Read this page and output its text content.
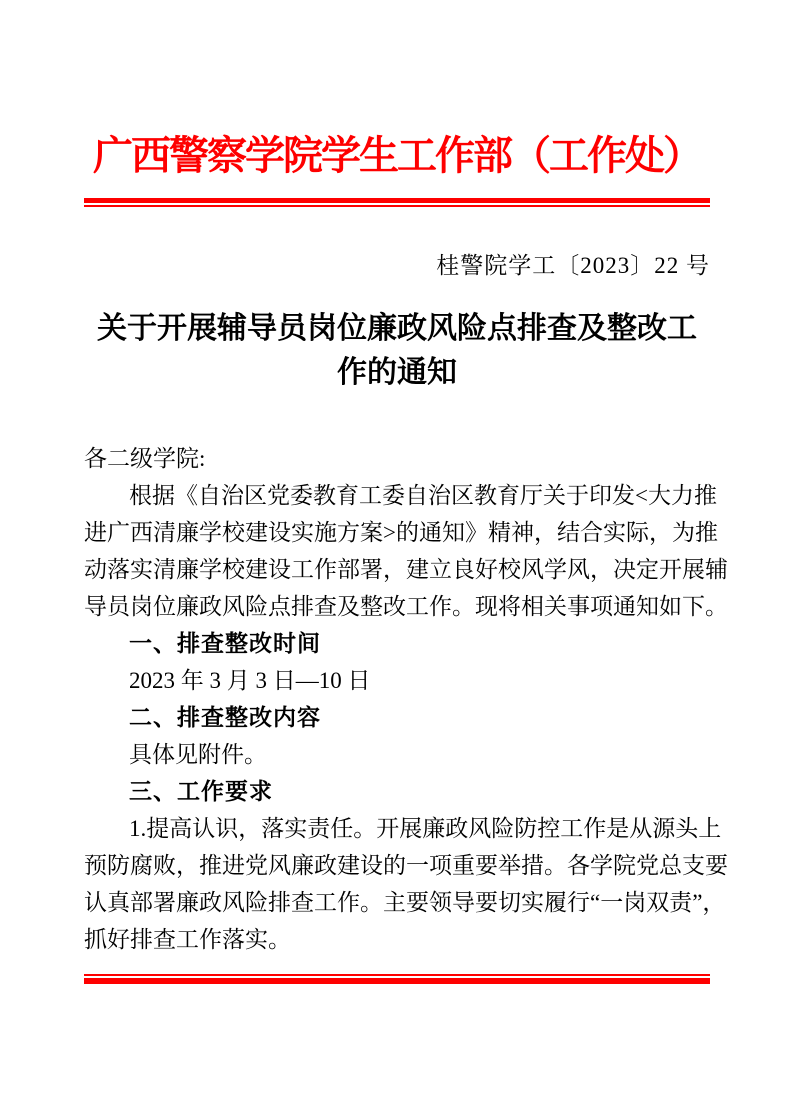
广西警察学院学生工作部（工作处）
桂警院学工〔2023〕22 号
关于开展辅导员岗位廉政风险点排查及整改工
作的通知
各二级学院:
根据《自治区党委教育工委自治区教育厅关于印发<大力推
进广西清廉学校建设实施方案>的通知》精神，结合实际，为推
动落实清廉学校建设工作部署，建立良好校风学风，决定开展辅
导员岗位廉政风险点排查及整改工作。现将相关事项通知如下。
一、排查整改时间
2023 年 3 月 3 日—10 日
二、排查整改内容
具体见附件。
三、工作要求
1.提高认识，落实责任。开展廉政风险防控工作是从源头上
预防腐败，推进党风廉政建设的一项重要举措。各学院党总支要
认真部署廉政风险排查工作。主要领导要切实履行“一岗双责”，
抓好排查工作落实。
